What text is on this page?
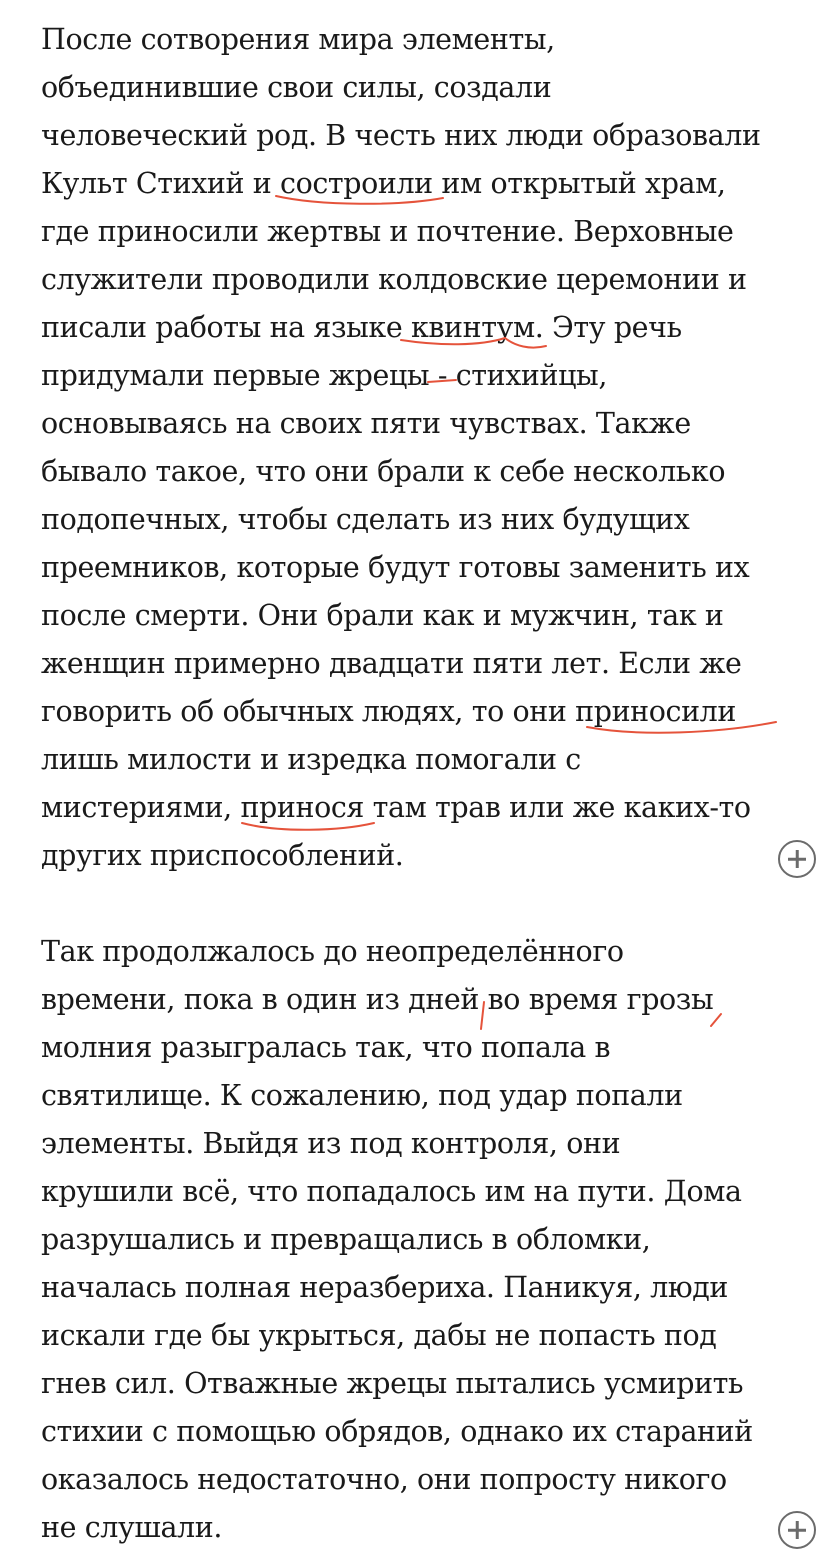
После сотворения мира элементы,
объединившие свои силы, создали
человеческий род. В честь них люди образовали
Культ Стихий и состроили им открытый храм,
где приносили жертвы и почтение. Верховные
служители проводили колдовские церемонии и
писали работы на языке квинтум. Эту речь
придумали первые жрецы - стихийцы,
основываясь на своих пяти чувствах. Также
бывало такое, что они брали к себе несколько
подопечных, чтобы сделать из них будущих
преемников, которые будут готовы заменить их
после смерти. Они брали как и мужчин, так и
женщин примерно двадцати пяти лет. Если же
говорить об обычных людях, то они приносили
лишь милости и изредка помогали с
мистериями, принося там трав или же каких-то
других приспособлений.
Так продолжалось до неопределённого
времени, пока в один из дней во время грозы
молния разыгралась так, что попала в
святилище. К сожалению, под удар попали
элементы. Выйдя из под контроля, они
крушили всё, что попадалось им на пути. Дома
разрушались и превращались в обломки,
началась полная неразбериха. Паникуя, люди
искали где бы укрыться, дабы не попасть под
гнев сил. Отважные жрецы пытались усмирить
стихии с помощью обрядов, однако их стараний
оказалось недостаточно, они попросту никого
не слушали.
